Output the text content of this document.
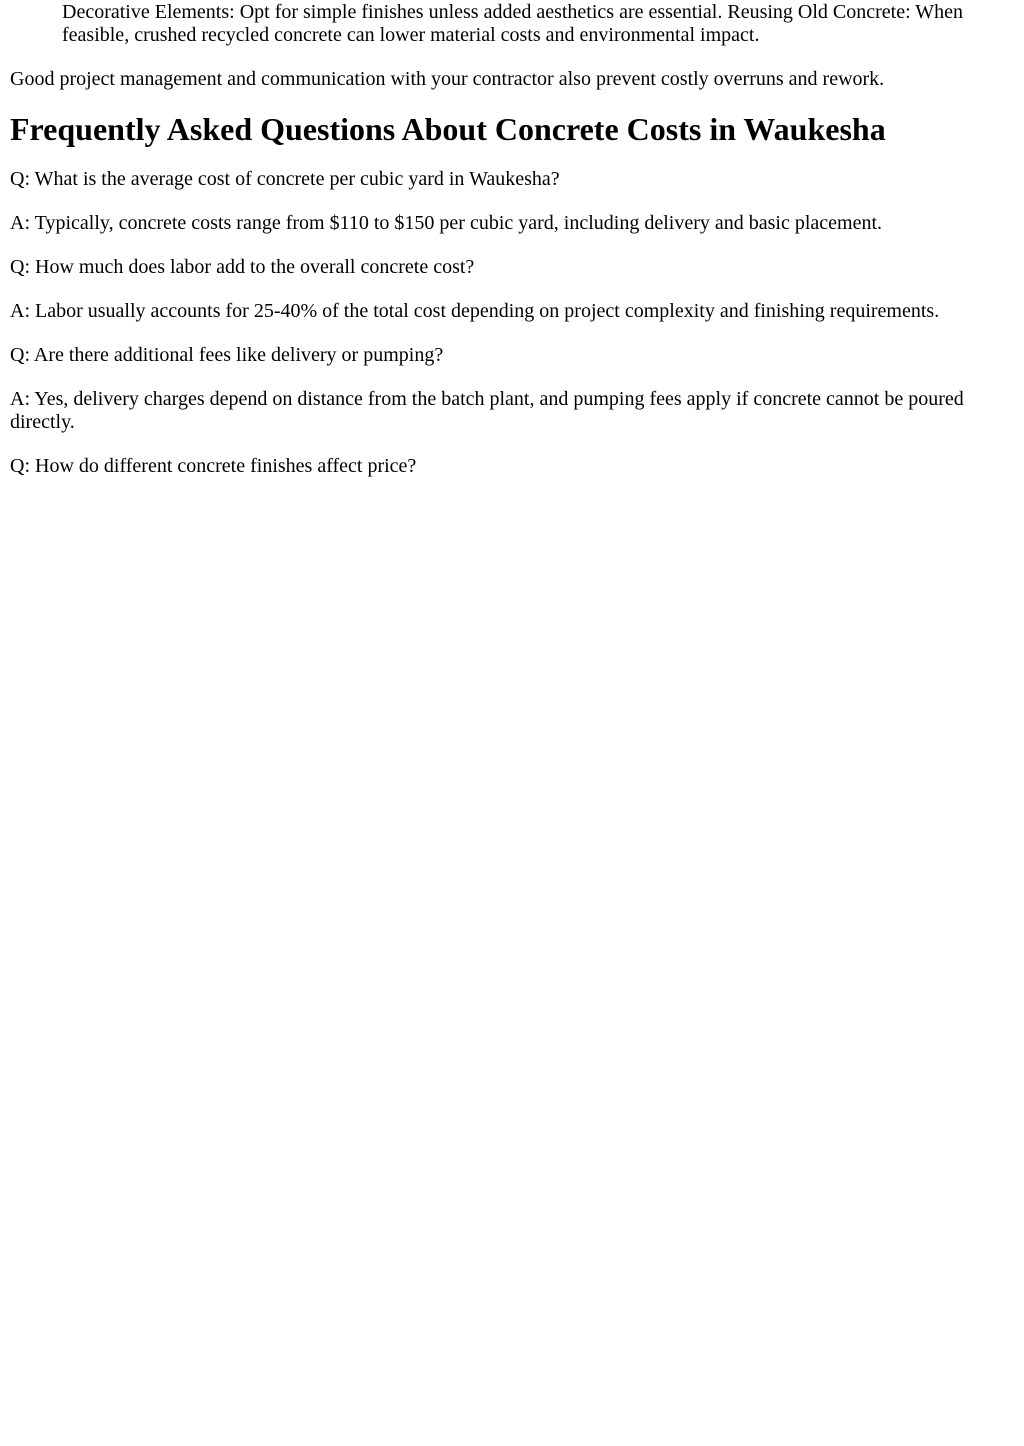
Decorative Elements: Opt for simple finishes unless added aesthetics are essential. Reusing Old Concrete: When feasible, crushed recycled concrete can lower material costs and environmental impact.

Good project management and communication with your contractor also prevent costly overruns and rework.

Frequently Asked Questions About Concrete Costs in Waukesha

Q: What is the average cost of concrete per cubic yard in Waukesha?

A: Typically, concrete costs range from $110 to $150 per cubic yard, including delivery and basic placement.

Q: How much does labor add to the overall concrete cost?

A: Labor usually accounts for 25-40% of the total cost depending on project complexity and finishing requirements.

Q: Are there additional fees like delivery or pumping?

A: Yes, delivery charges depend on distance from the batch plant, and pumping fees apply if concrete cannot be poured directly.

Q: How do different concrete finishes affect price?
